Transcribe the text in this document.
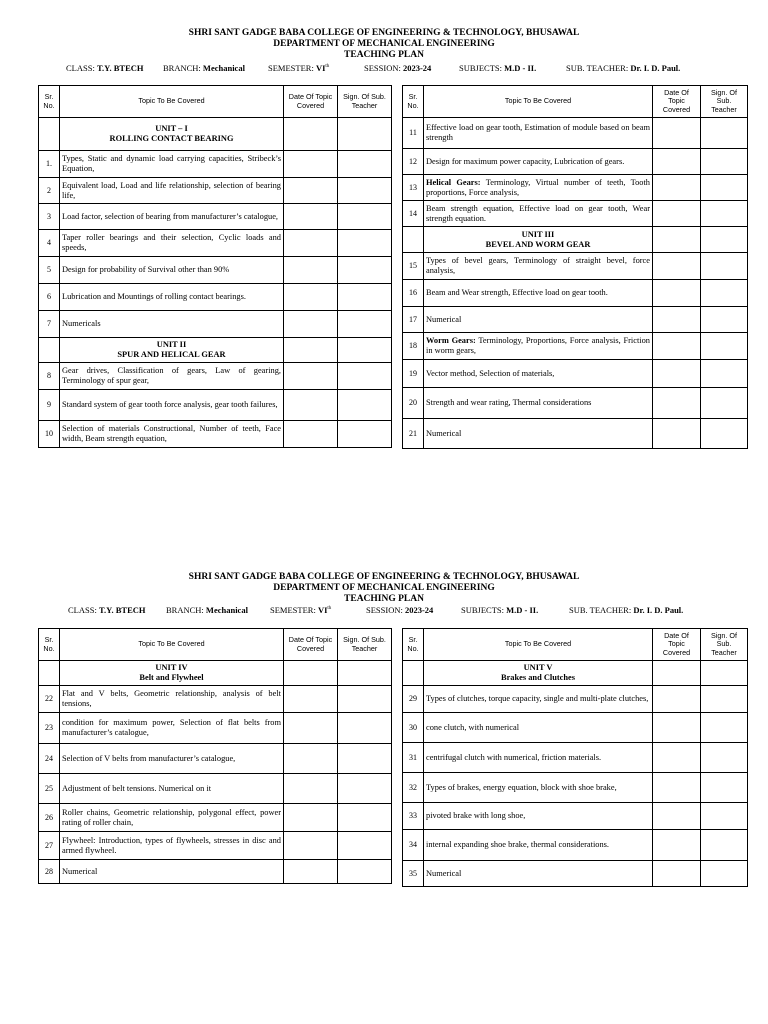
SHRI SANT GADGE BABA COLLEGE OF ENGINEERING & TECHNOLOGY, BHUSAWAL
DEPARTMENT OF MECHANICAL ENGINEERING
TEACHING PLAN
CLASS: T.Y. BTECH BRANCH: Mechanical	SEMESTER: VIth	SESSION: 2023-24	SUBJECTS: M.D - II.	SUB. TEACHER: Dr. I. D. Paul.
Sr. No.	Topic To Be Covered	Date Of Topic Covered	Sign. Of Sub. Teacher

	UNIT – I
ROLLING CONTACT BEARING		

1.	Types, Static and dynamic load carrying capacities, Stribeck’s Equation,		
2	Equivalent load, Load and life relationship, selection of bearing life,		
3	Load factor, selection of bearing from manufacturer’s catalogue,		
4	Taper roller bearings and their selection, Cyclic loads and speeds,		
5	Design for probability of Survival other than 90%		
6	Lubrication and Mountings of rolling contact bearings.		
7	Numericals		

	UNIT II
SPUR AND HELICAL GEAR		

8	Gear drives, Classification of gears, Law of gearing, Terminology of spur gear,		
9	Standard system of gear tooth force analysis, gear tooth failures,		
10	Selection of materials Constructional, Number of teeth, Face width, Beam strength equation,		
Sr. No.	Topic To Be Covered	Date Of Topic Covered	Sign. Of Sub. Teacher
11	Effective load on gear tooth, Estimation of module based on beam strength		
12	Design for maximum power capacity, Lubrication of gears.		
13	Helical Gears: Terminology, Virtual number of teeth, Tooth proportions, Force analysis,		
14	Beam strength equation, Effective load on gear tooth, Wear strength equation.		

	UNIT III
BEVEL AND WORM GEAR		

15	Types of bevel gears, Terminology of straight bevel, force analysis,		
16	Beam and Wear strength, Effective load on gear tooth.		
17	Numerical		
18	Worm Gears: Terminology, Proportions, Force analysis, Friction in worm gears,		
19	Vector method, Selection of materials,		
20	Strength and wear rating, Thermal considerations		
21	Numerical		
SHRI SANT GADGE BABA COLLEGE OF ENGINEERING & TECHNOLOGY, BHUSAWAL
DEPARTMENT OF MECHANICAL ENGINEERING
TEACHING PLAN
CLASS: T.Y. BTECH BRANCH: Mechanical	SEMESTER: VIth	SESSION: 2023-24	SUBJECTS: M.D - II.	SUB. TEACHER: Dr. I. D. Paul.
Sr. No.	Topic To Be Covered	Date Of Topic Covered	Sign. Of Sub. Teacher

	UNIT IV
Belt and Flywheel		

22	Flat and V belts, Geometric relationship, analysis of belt tensions,		
23	condition for maximum power, Selection of flat belts from manufacturer’s catalogue,		
24	Selection of V belts from manufacturer’s catalogue,		
25	Adjustment of belt tensions. Numerical on it		
26	Roller chains, Geometric relationship, polygonal effect, power rating of roller chain,		
27	Flywheel: Introduction, types of flywheels, stresses in disc and armed flywheel.		
28	Numerical		
Sr. No.	Topic To Be Covered	Date Of Topic Covered	Sign. Of Sub. Teacher

	UNIT V
Brakes and Clutches		

29	Types of clutches, torque capacity, single and multi-plate clutches,		
30	cone clutch, with numerical		
31	centrifugal clutch with numerical, friction materials.		
32	Types of brakes, energy equation, block with shoe brake,		
33	pivoted brake with long shoe,		
34	internal expanding shoe brake, thermal considerations.		
35	Numerical		
